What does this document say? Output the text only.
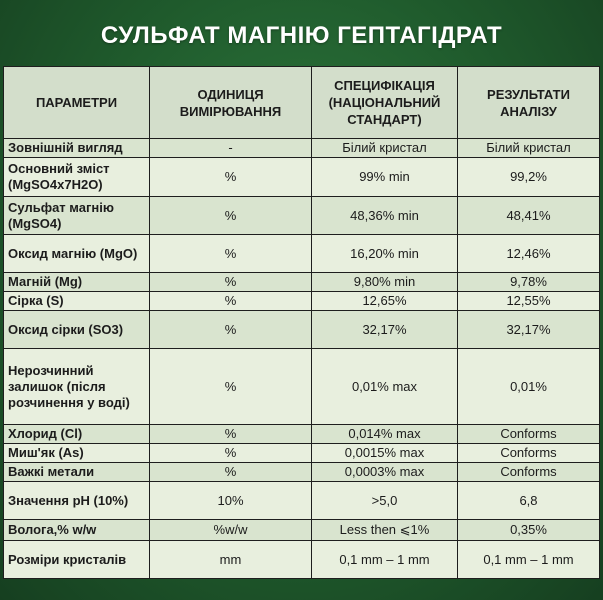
СУЛЬФАТ МАГНІЮ ГЕПТАГІДРАТ
ПАРАМЕТРИ	ОДИНИЦЯ ВИМІРЮВАННЯ	СПЕЦИФІКАЦІЯ (НАЦІОНАЛЬНИЙ СТАНДАРТ)	РЕЗУЛЬТАТИ АНАЛІЗУ
Зовнішній вигляд	-	Білий кристал	Білий кристал
Основний зміст (MgSO4x7H2O)	%	99% min	99,2%
Сульфат магнію (MgSO4)	%	48,36% min	48,41%
Оксид магнію (MgO)	%	16,20% min	12,46%
Магній (Mg)	%	9,80% min	9,78%
Сірка (S)	%	12,65%	12,55%
Оксид сірки (SO3)	%	32,17%	32,17%
Нерозчинний залишок (після розчинення у воді)	%	0,01% max	0,01%
Хлорид (Cl)	%	0,014% max	Conforms
Миш'як (As)	%	0,0015% max	Conforms
Важкі метали	%	0,0003% max	Conforms
Значення pH (10%)	10%	>5,0	6,8
Вологa,% w/w	%w/w	Less then ⩽1%	0,35%
Розміри кристалів	mm	0,1 mm – 1 mm	0,1 mm – 1 mm
